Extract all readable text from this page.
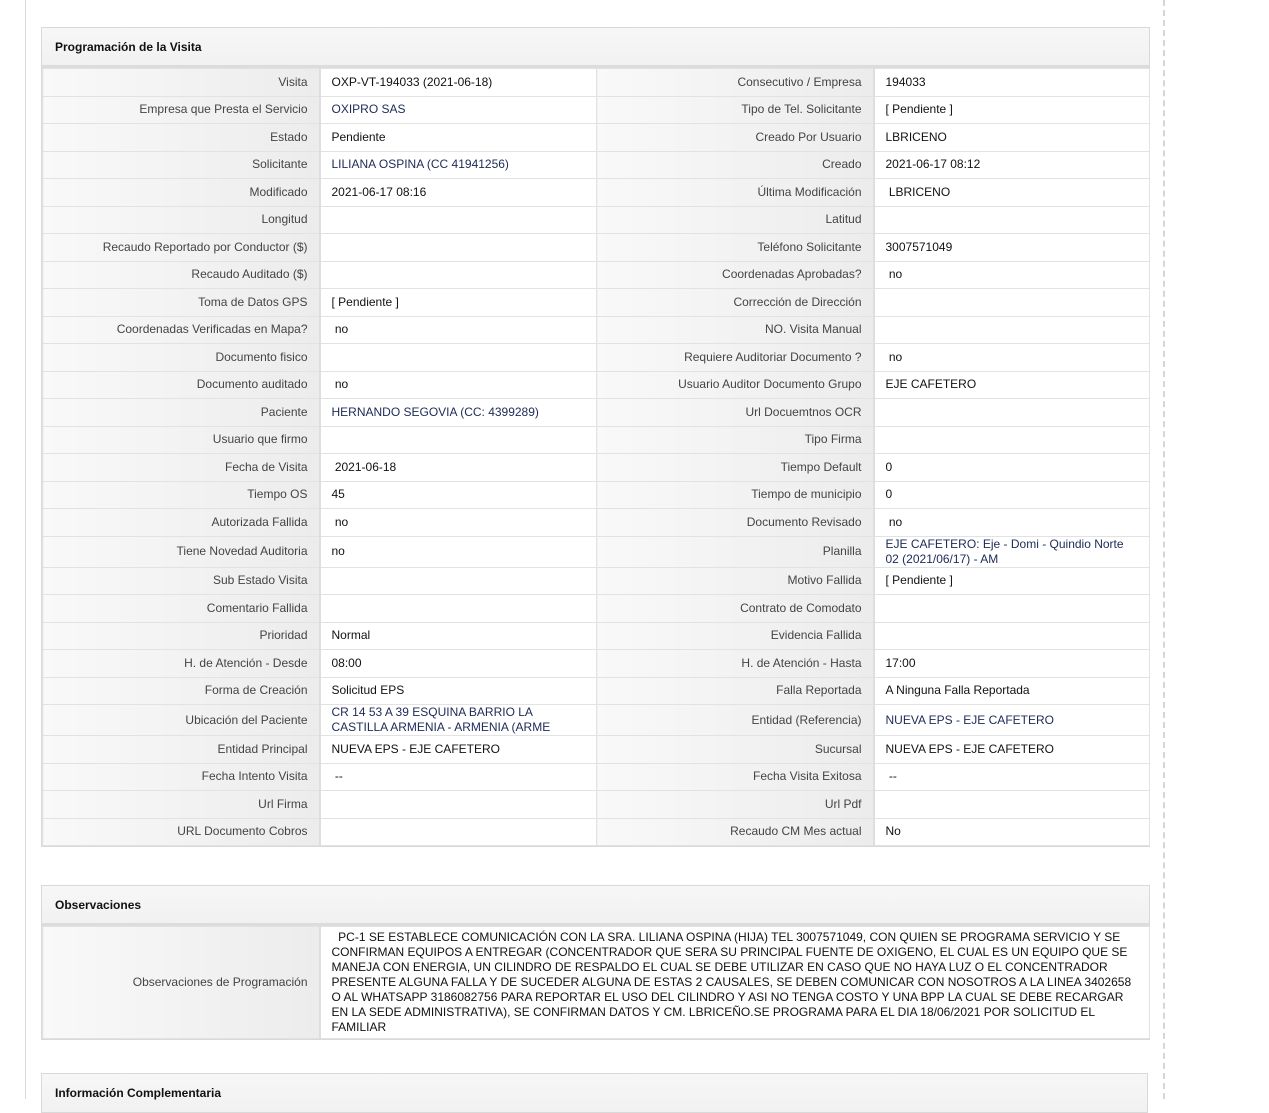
Programación de la Visita
Visita	OXP-VT-194033 (2021-06-18)	Consecutivo / Empresa	194033
Empresa que Presta el Servicio	OXIPRO SAS	Tipo de Tel. Solicitante	[ Pendiente ]
Estado	Pendiente	Creado Por Usuario	LBRICENO
Solicitante	LILIANA OSPINA (CC 41941256)	Creado	2021-06-17 08:12
Modificado	2021-06-17 08:16	Última Modificación	LBRICENO
Longitud		Latitud	
Recaudo Reportado por Conductor ($)		Teléfono Solicitante	3007571049
Recaudo Auditado ($)		Coordenadas Aprobadas?	no
Toma de Datos GPS	[ Pendiente ]	Corrección de Dirección	
Coordenadas Verificadas en Mapa?	no	NO. Visita Manual	
Documento fisico		Requiere Auditoriar Documento ?	no
Documento auditado	no	Usuario Auditor Documento Grupo	EJE CAFETERO
Paciente	HERNANDO SEGOVIA (CC: 4399289)	Url Docuemtnos OCR	
Usuario que firmo		Tipo Firma	
Fecha de Visita	2021-06-18	Tiempo Default	0
Tiempo OS	45	Tiempo de municipio	0
Autorizada Fallida	no	Documento Revisado	no
Tiene Novedad Auditoria	no	Planilla	EJE CAFETERO: Eje - Domi - Quindio Norte 02 (2021/06/17) - AM
Sub Estado Visita		Motivo Fallida	[ Pendiente ]
Comentario Fallida		Contrato de Comodato	
Prioridad	Normal	Evidencia Fallida	
H. de Atención - Desde	08:00	H. de Atención - Hasta	17:00
Forma de Creación	Solicitud EPS	Falla Reportada	A Ninguna Falla Reportada
Ubicación del Paciente	CR 14 53 A 39 ESQUINA BARRIO LA CASTILLA ARMENIA - ARMENIA (ARME	Entidad (Referencia)	NUEVA EPS - EJE CAFETERO
Entidad Principal	NUEVA EPS - EJE CAFETERO	Sucursal	NUEVA EPS - EJE CAFETERO
Fecha Intento Visita	--	Fecha Visita Exitosa	--
Url Firma		Url Pdf	
URL Documento Cobros		Recaudo CM Mes actual	No
Observaciones
Observaciones de Programación	PC-1 SE ESTABLECE COMUNICACIÓN CON LA SRA. LILIANA OSPINA (HIJA) TEL 3007571049, CON QUIEN SE PROGRAMA SERVICIO Y SE CONFIRMAN EQUIPOS A ENTREGAR (CONCENTRADOR QUE SERA SU PRINCIPAL FUENTE DE OXIGENO, EL CUAL ES UN EQUIPO QUE SE MANEJA CON ENERGIA, UN CILINDRO DE RESPALDO EL CUAL SE DEBE UTILIZAR EN CASO QUE NO HAYA LUZ O EL CONCENTRADOR PRESENTE ALGUNA FALLA Y DE SUCEDER ALGUNA DE ESTAS 2 CAUSALES, SE DEBEN COMUNICAR CON NOSOTROS A LA LINEA 3402658 O AL WHATSAPP 3186082756 PARA REPORTAR EL USO DEL CILINDRO Y ASI NO TENGA COSTO Y UNA BPP LA CUAL SE DEBE RECARGAR EN LA SEDE ADMINISTRATIVA), SE CONFIRMAN DATOS Y CM. LBRICEÑO.SE PROGRAMA PARA EL DIA 18/06/2021 POR SOLICITUD EL FAMILIAR
Información Complementaria
